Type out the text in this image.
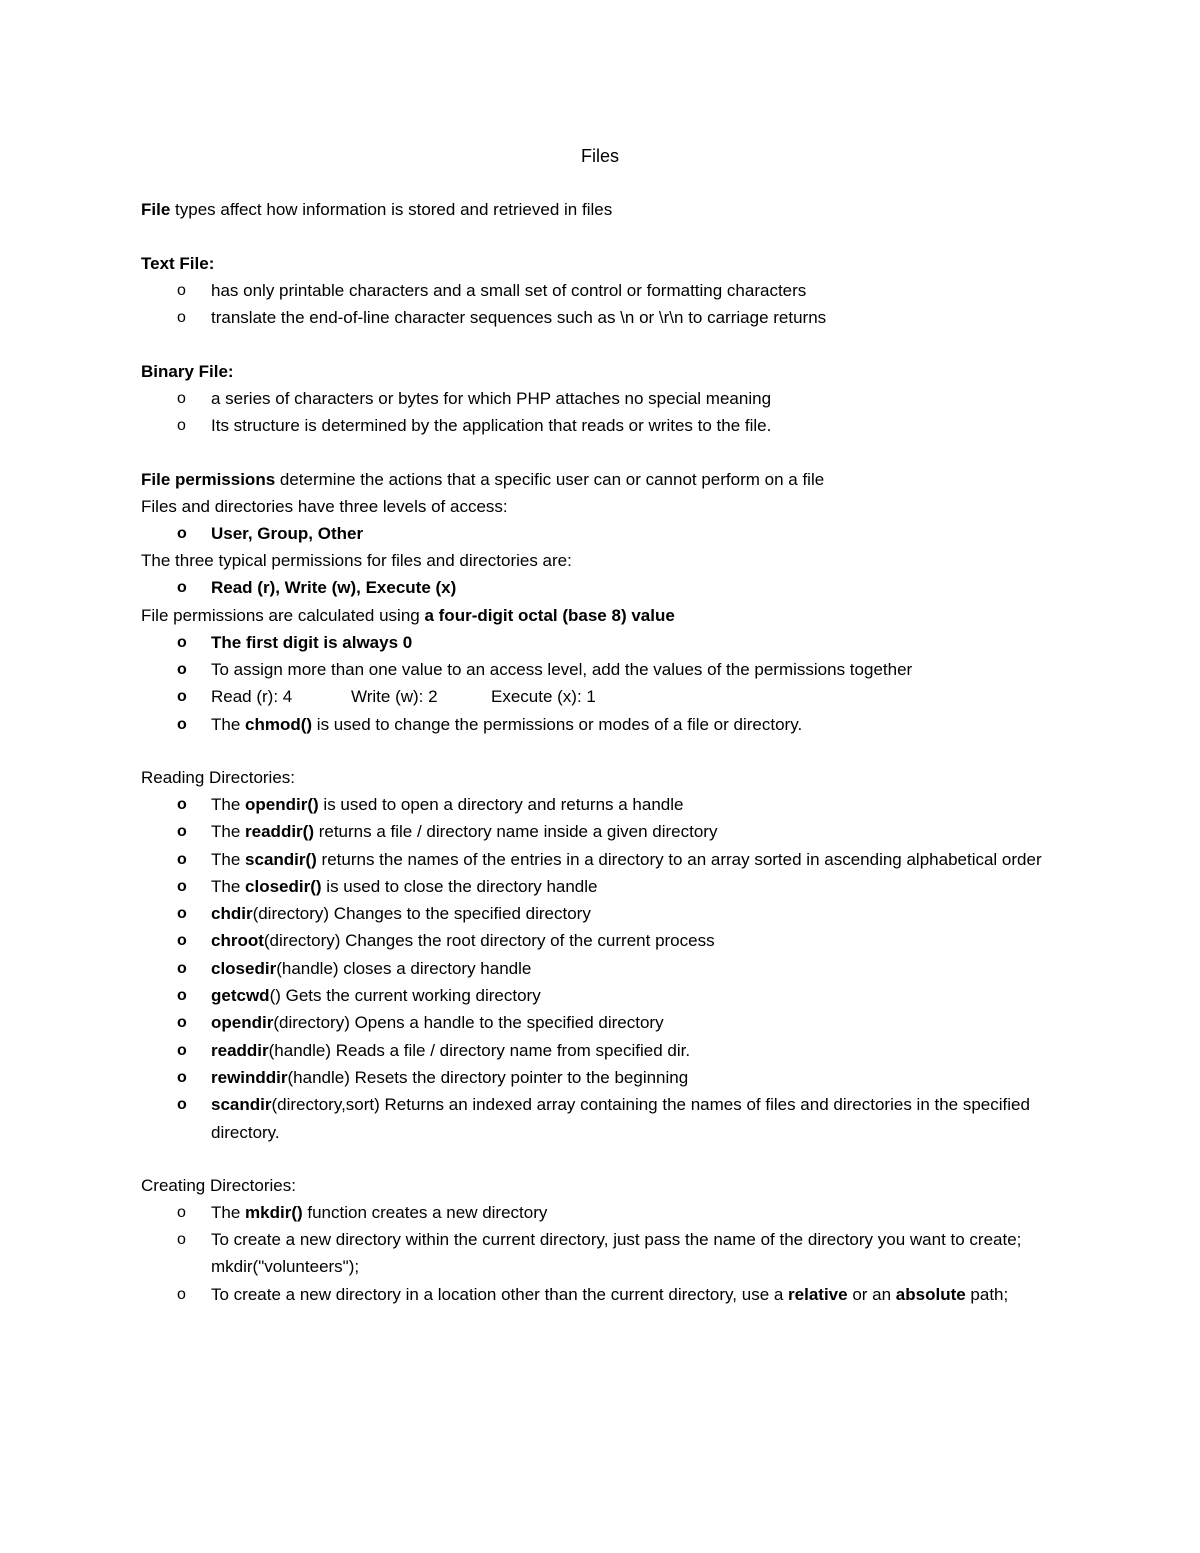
Files

File types affect how information is stored and retrieved in files

Text File:

o	has only printable characters and a small set of control or formatting characters
o	translate the end-of-line character sequences such as \n or \r\n to carriage returns

Binary File:

o	a series of characters or bytes for which PHP attaches no special meaning
o	Its structure is determined by the application that reads or writes to the file.

File permissions determine the actions that a specific user can or cannot perform on a file

Files and directories have three levels of access:

o	User, Group, Other

The three typical permissions for files and directories are:

o	Read (r), Write (w), Execute (x)

File permissions are calculated using a four-digit octal (base 8) value

o	The first digit is always 0
o	To assign more than one value to an access level, add the values of the permissions together
o	Read (r): 4	Write (w): 2	Execute (x): 1
o	The chmod() is used to change the permissions or modes of a file or directory.

Reading Directories:

o	The opendir() is used to open a directory and returns a handle
o	The readdir() returns a file / directory name inside a given directory
o	The scandir() returns the names of the entries in a directory to an array sorted in ascending alphabetical order
o	The closedir() is used to close the directory handle
o	chdir(directory) Changes to the specified directory
o	chroot(directory) Changes the root directory of the current process
o	closedir(handle) closes a directory handle
o	getcwd() Gets the current working directory
o	opendir(directory) Opens a handle to the specified directory
o	readdir(handle) Reads a file / directory name from specified dir.
o	rewinddir(handle) Resets the directory pointer to the beginning
o	scandir(directory,sort) Returns an indexed array containing the names of files and directories in the specified directory.

Creating Directories:

o	The mkdir() function creates a new directory
o	To create a new directory within the current directory, just pass the name of the directory you want to create; mkdir("volunteers");
o	To create a new directory in a location other than the current directory, use a relative or an absolute path;
